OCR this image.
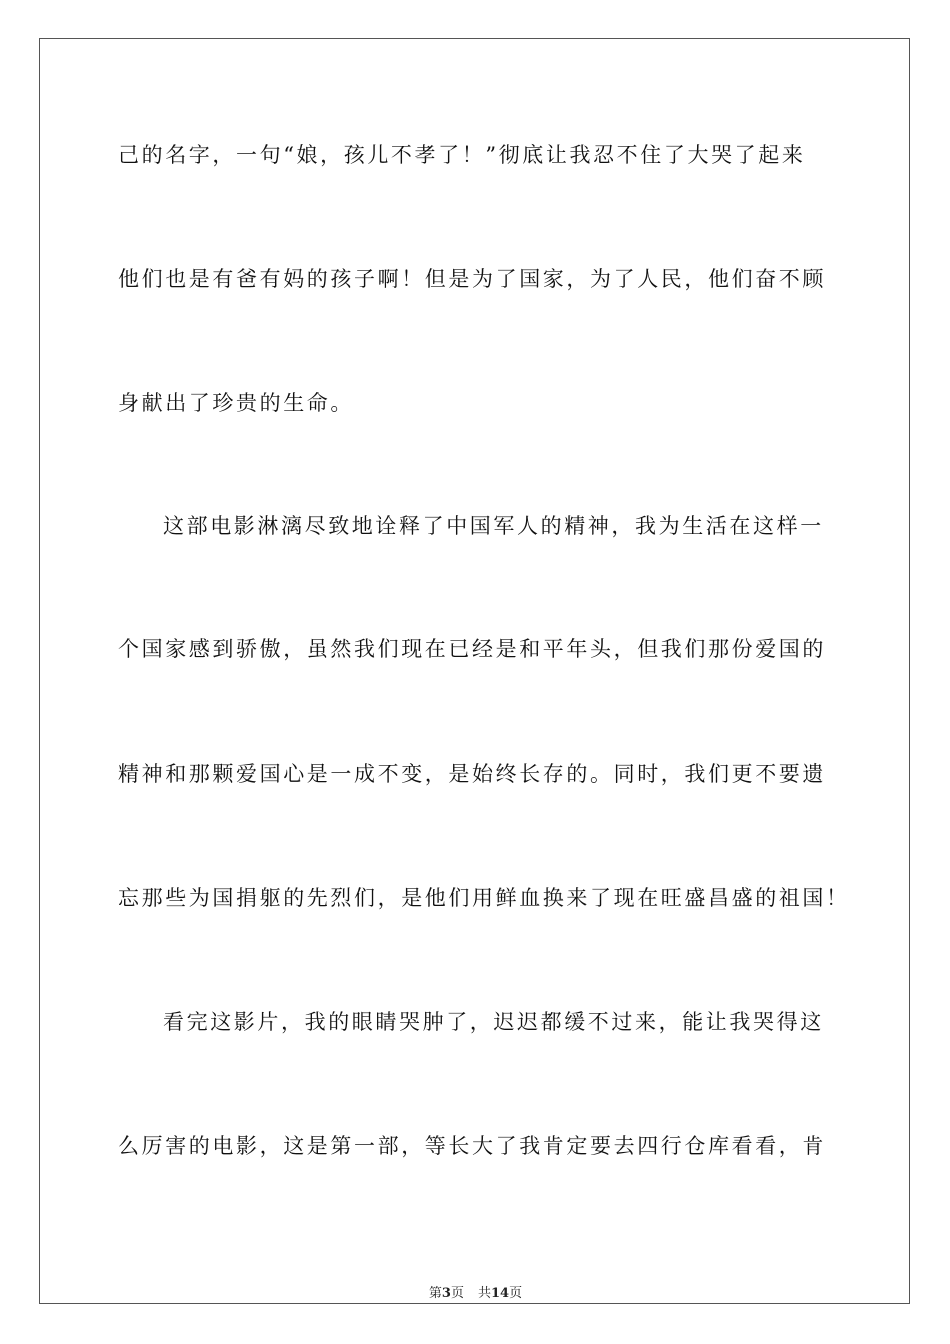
己的名字，一句“娘，孩儿不孝了！”彻底让我忍不住了大哭了起来
他们也是有爸有妈的孩子啊！但是为了国家，为了人民，他们奋不顾
身献出了珍贵的生命。
这部电影淋漓尽致地诠释了中国军人的精神，我为生活在这样一
个国家感到骄傲，虽然我们现在已经是和平年头，但我们那份爱国的
精神和那颗爱国心是一成不变，是始终长存的。同时，我们更不要遗
忘那些为国捐躯的先烈们，是他们用鲜血换来了现在旺盛昌盛的祖国！
看完这影片，我的眼睛哭肿了，迟迟都缓不过来，能让我哭得这
么厉害的电影，这是第一部，等长大了我肯定要去四行仓库看看，肯
第3页 共14页
